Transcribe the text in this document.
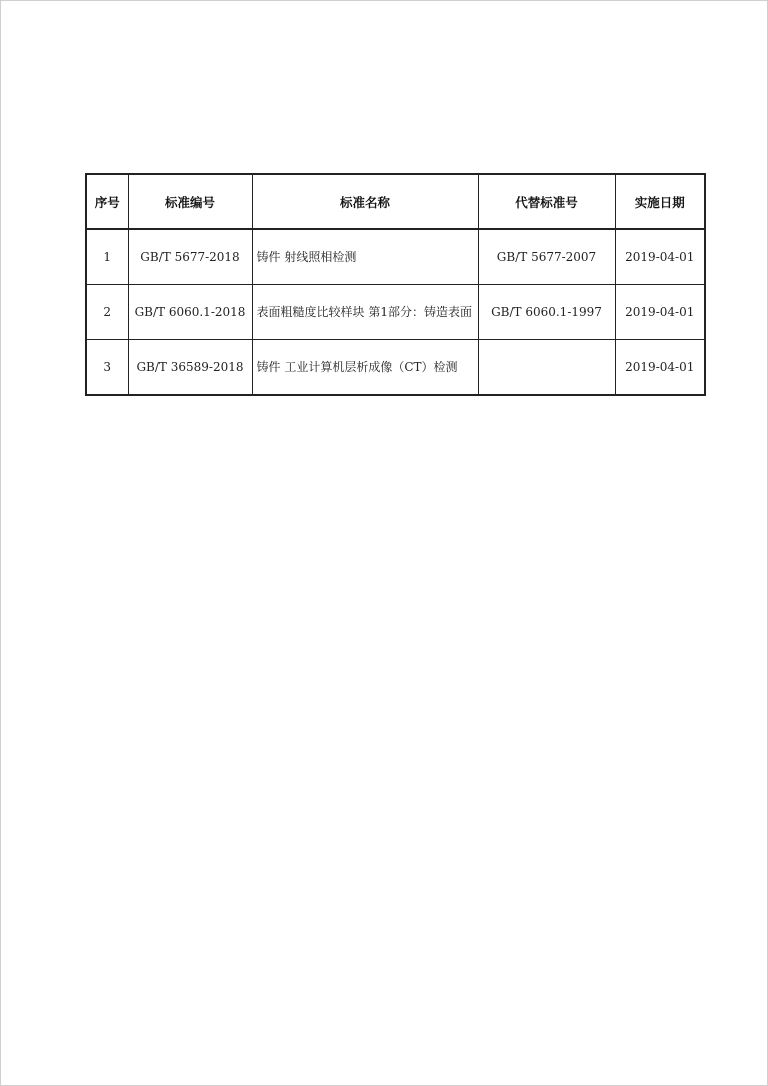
序号	标准编号	标准名称	代替标准号	实施日期
1	GB/T 5677-2018	铸件 射线照相检测	GB/T 5677-2007	2019-04-01
2	GB/T 6060.1-2018	表面粗糙度比较样块 第1部分：铸造表面	GB/T 6060.1-1997	2019-04-01
3	GB/T 36589-2018	铸件 工业计算机层析成像（CT）检测		2019-04-01
